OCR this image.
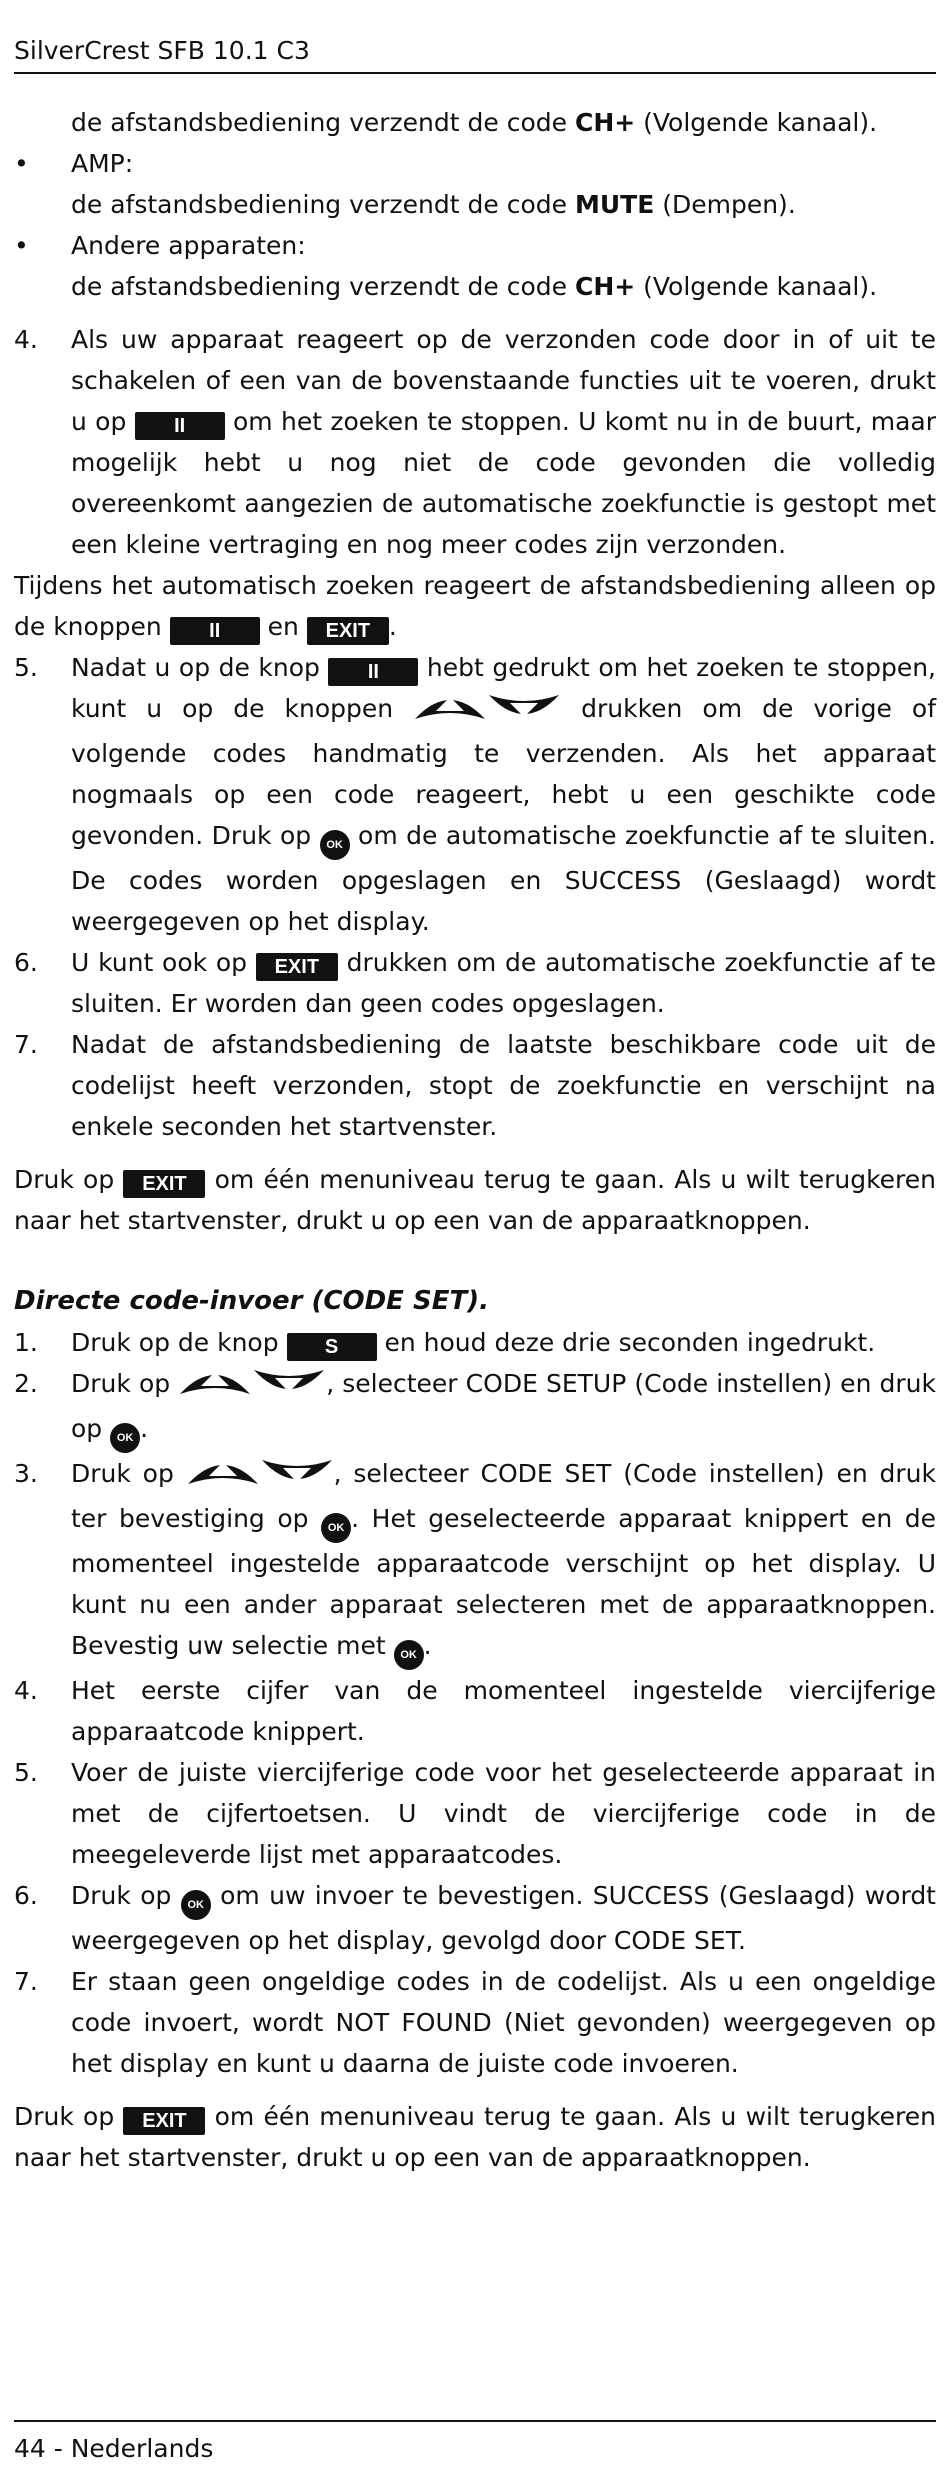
SilverCrest SFB 10.1 C3

de afstandsbediening verzendt de code CH+ (Volgende kanaal).

•	AMP:

de afstandsbediening verzendt de code MUTE (Dempen).

•	Andere apparaten:

de afstandsbediening verzendt de code CH+ (Volgende kanaal).

4.	Als uw apparaat reageert op de verzonden code door in of uit te schakelen of een van de bovenstaande functies uit te voeren, drukt u op II om het zoeken te stoppen. U komt nu in de buurt, maar mogelijk hebt u nog niet de code gevonden die volledig overeenkomt aangezien de automatische zoekfunctie is gestopt met een kleine vertraging en nog meer codes zijn verzonden.

Tijdens het automatisch zoeken reageert de afstandsbediening alleen op de knoppen II en EXIT .

5.	Nadat u op de knop II hebt gedrukt om het zoeken te stoppen, kunt u op de knoppen	drukken om de vorige of volgende codes handmatig te verzenden. Als het apparaat nogmaals op een code reageert, hebt u een geschikte code gevonden. Druk op OK om de automatische zoekfunctie af te sluiten. De codes worden opgeslagen en SUCCESS (Geslaagd) wordt weergegeven op het display.
6.	U kunt ook op EXIT drukken om de automatische zoekfunctie af te sluiten. Er worden dan geen codes opgeslagen.
7.	Nadat de afstandsbediening de laatste beschikbare code uit de codelijst heeft verzonden, stopt de zoekfunctie en verschijnt na enkele seconden het startvenster.

Druk op EXIT om één menuniveau terug te gaan. Als u wilt terugkeren naar het startvenster, drukt u op een van de apparaatknoppen.

Directe code-invoer (CODE SET).

1.	Druk op de knop S en houd deze drie seconden ingedrukt.
2.	Druk op	, selecteer CODE SETUP (Code instellen) en druk op OK .
3.	Druk op	, selecteer CODE SET (Code instellen) en druk ter bevestiging op OK . Het geselecteerde apparaat knippert en de momenteel ingestelde apparaatcode verschijnt op het display. U kunt nu een ander apparaat selecteren met de apparaatknoppen. Bevestig uw selectie met OK .
4.	Het eerste cijfer van de momenteel ingestelde viercijferige apparaatcode knippert.
5.	Voer de juiste viercijferige code voor het geselecteerde apparaat in met de cijfertoetsen. U vindt de viercijferige code in de meegeleverde lijst met apparaatcodes.
6.	Druk op OK om uw invoer te bevestigen. SUCCESS (Geslaagd) wordt weergegeven op het display, gevolgd door CODE SET.
7.	Er staan geen ongeldige codes in de codelijst. Als u een ongeldige code invoert, wordt NOT FOUND (Niet gevonden) weergegeven op het display en kunt u daarna de juiste code invoeren.

Druk op EXIT om één menuniveau terug te gaan. Als u wilt terugkeren naar het startvenster, drukt u op een van de apparaatknoppen.

44 - Nederlands
